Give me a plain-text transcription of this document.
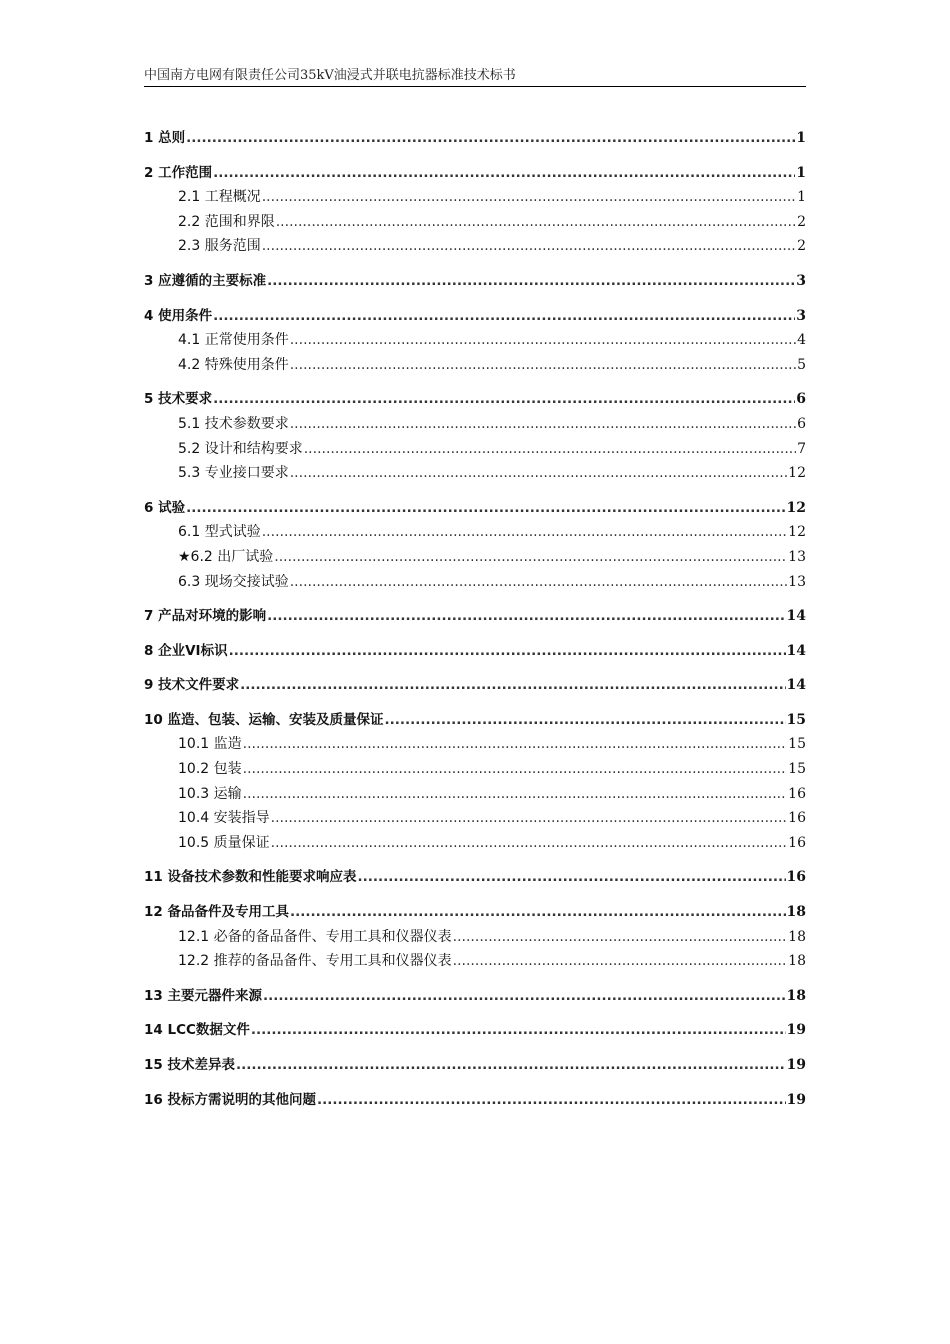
中国南方电网有限责任公司35kV油浸式并联电抗器标准技术标书
1 总则 .....	1
2 工作范围 .....	1
2.1 工程概况 .....	1
2.2 范围和界限 .....	2
2.3 服务范围 .....	2
3 应遵循的主要标准 .....	3
4 使用条件 .....	3
4.1 正常使用条件 .....	4
4.2 特殊使用条件 .....	5
5 技术要求 .....	6
5.1 技术参数要求 .....	6
5.2 设计和结构要求 .....	7
5.3 专业接口要求 .....	12
6 试验 .....	12
6.1 型式试验 .....	12
★6.2 出厂试验 .....	13
6.3 现场交接试验 .....	13
7 产品对环境的影响 .....	14
8 企业VI标识 .....	14
9 技术文件要求 .....	14
10 监造、包装、运输、安装及质量保证 .....	15
10.1 监造 .....	15
10.2 包装 .....	15
10.3 运输 .....	16
10.4 安装指导 .....	16
10.5 质量保证 .....	16
11 设备技术参数和性能要求响应表 .....	16
12 备品备件及专用工具 .....	18
12.1 必备的备品备件、专用工具和仪器仪表 .....	18
12.2 推荐的备品备件、专用工具和仪器仪表 .....	18
13 主要元器件来源 .....	18
14 LCC数据文件 .....	19
15 技术差异表 .....	19
16 投标方需说明的其他问题 .....	19
